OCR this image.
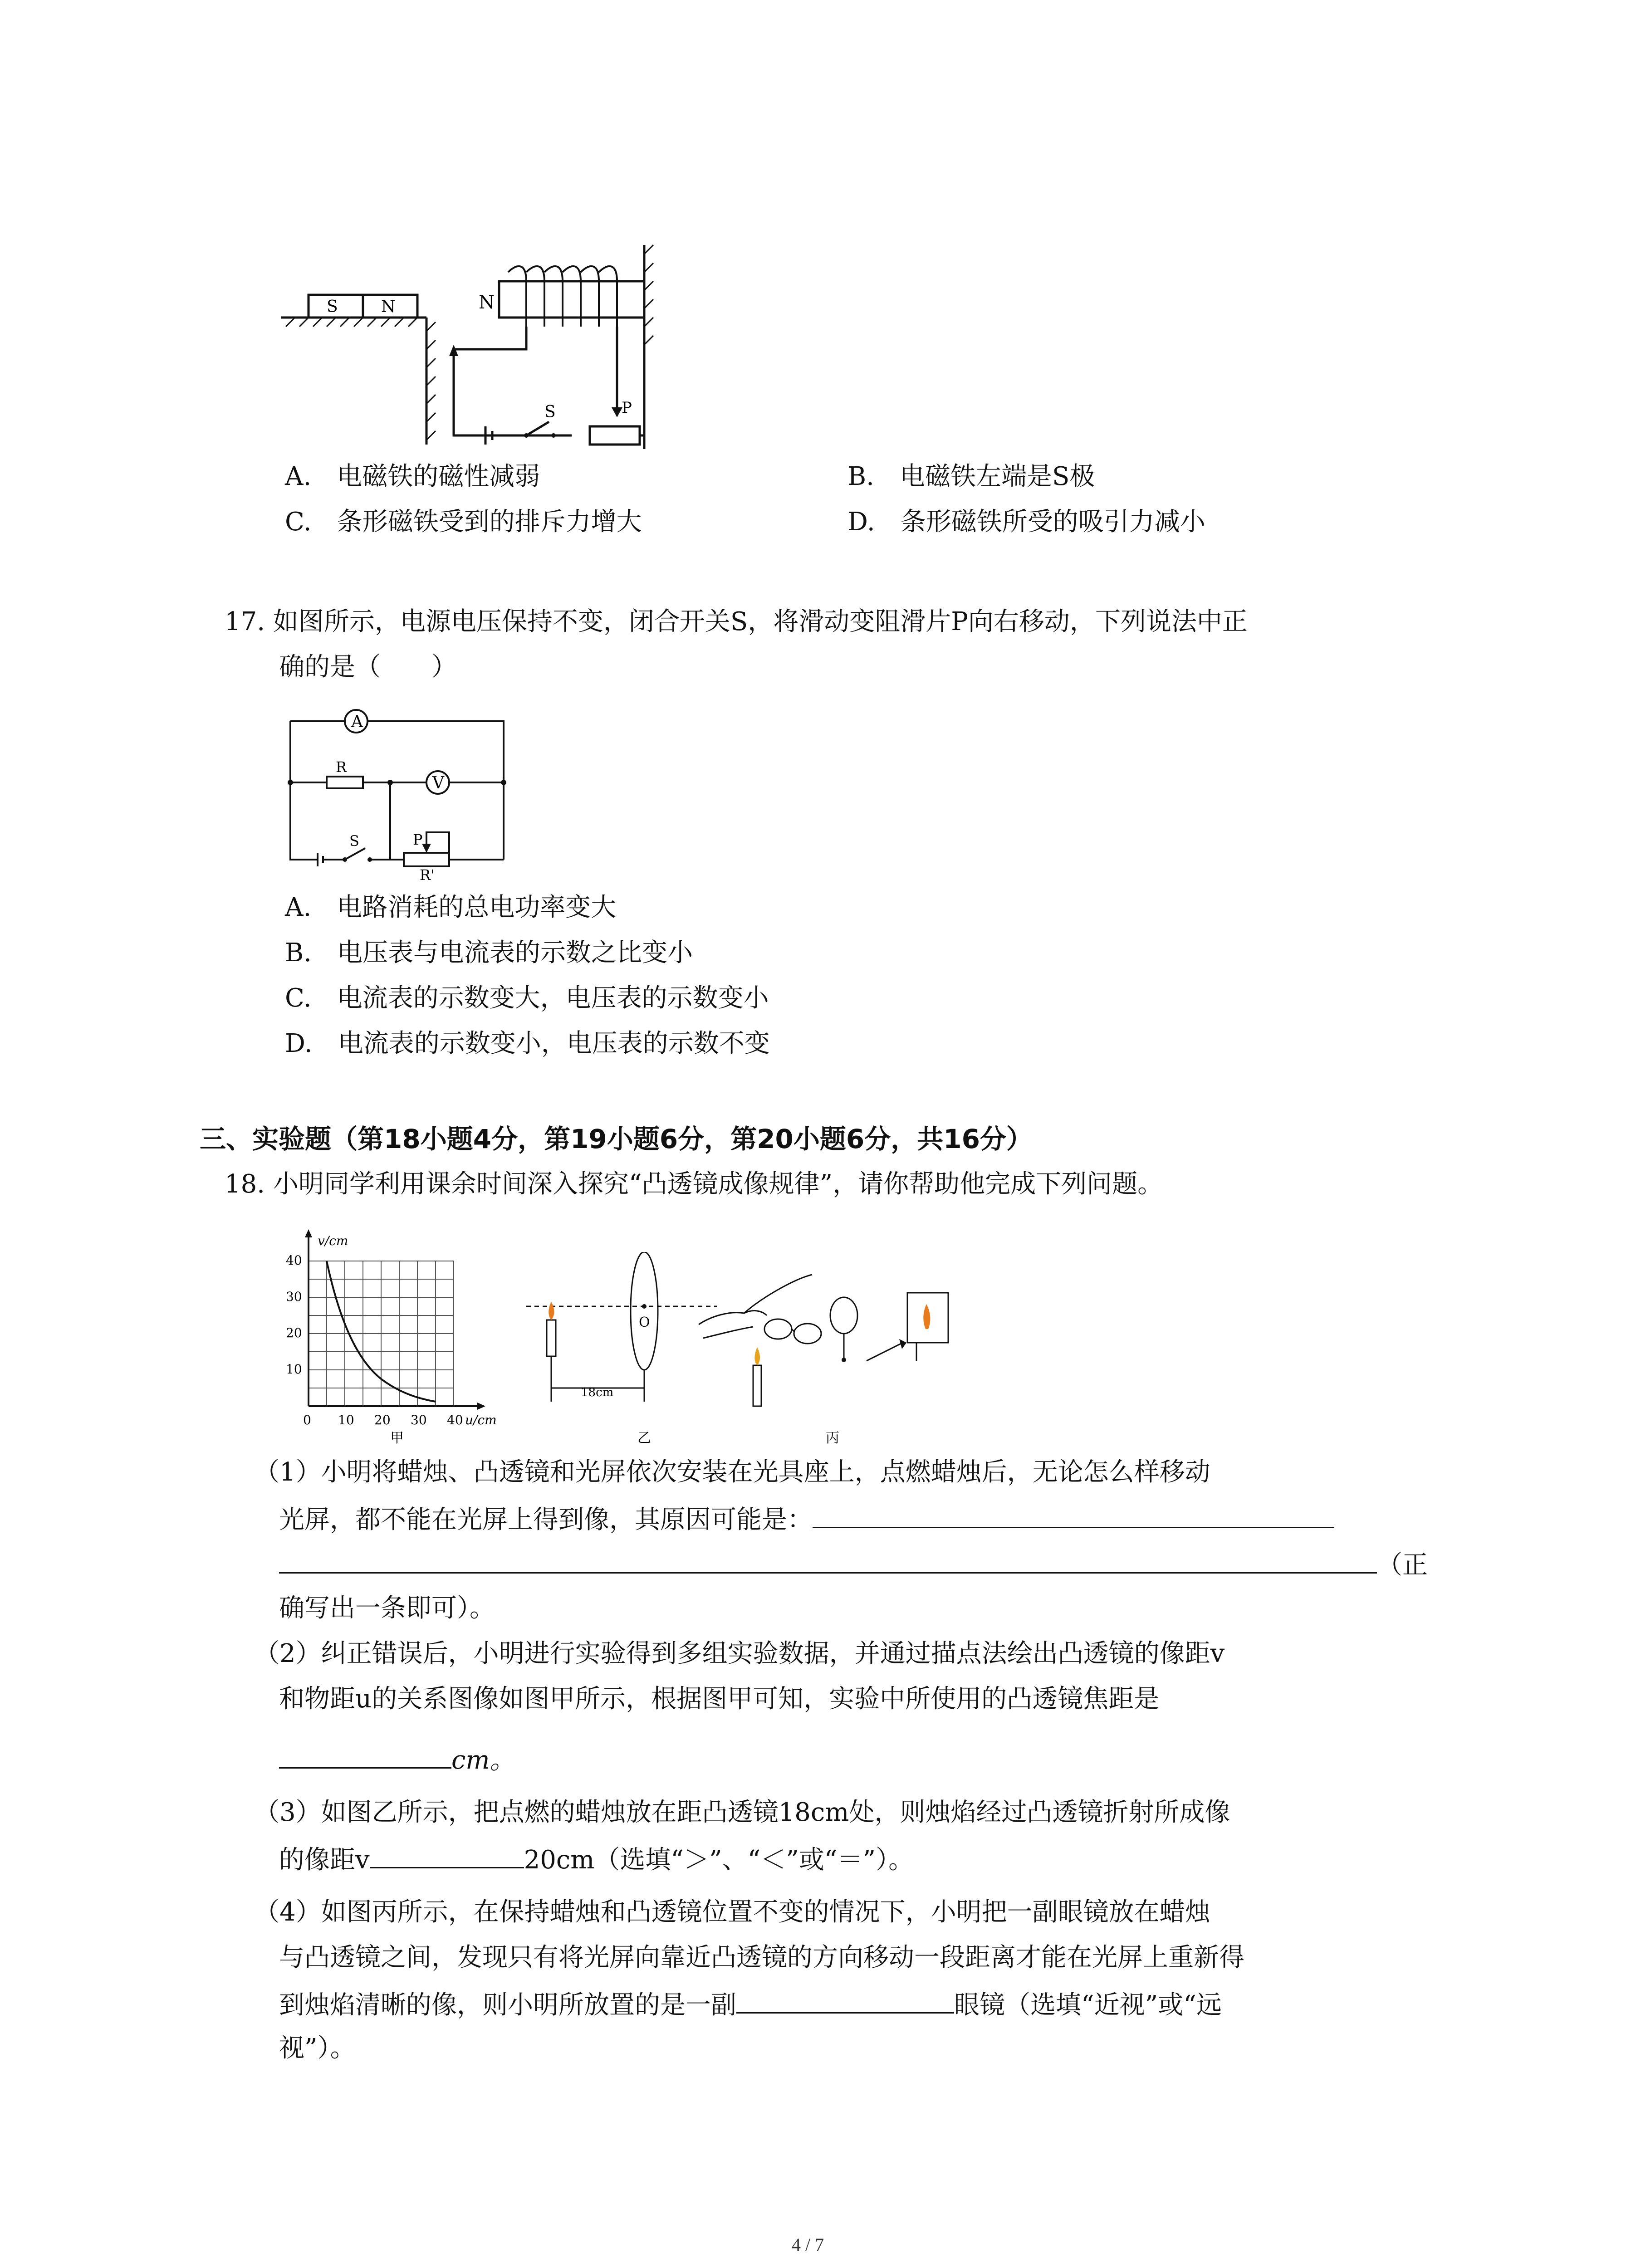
S	N	N
S	P
A.　 电磁铁的磁性减弱	B.　 电磁铁左端是S极
C.　 条形磁铁受到的排斥力增大	D.　 条形磁铁所受的吸引力减小
17. 如图所示，电源电压保持不变，闭合开关S，将滑动变阻滑片P向右移动，下列说法中正
确的是（　　）
A
V
R
S	P
R'
A.　 电路消耗的总电功率变大
B.　 电压表与电流表的示数之比变小
C.　 电流表的示数变大，电压表的示数变小
D.　 电流表的示数变小，电压表的示数不变
三、实验题（第18小题4分，第19小题6分，第20小题6分，共16分）
18. 小明同学利用课余时间深入探究“凸透镜成像规律”，请你帮助他完成下列问题。
v/cm
40
30
20
10
0 10 20 30 40 u/cm
甲
O
18cm
乙	丙
（1）小明将蜡烛、凸透镜和光屏依次安装在光具座上，点燃蜡烛后，无论怎么样移动
光屏，都不能在光屏上得到像，其原因可能是：
（正
确写出一条即可）。
（2）纠正错误后，小明进行实验得到多组实验数据，并通过描点法绘出凸透镜的像距v
和物距u的关系图像如图甲所示，根据图甲可知，实验中所使用的凸透镜焦距是
cm。
（3）如图乙所示，把点燃的蜡烛放在距凸透镜18cm处，则烛焰经过凸透镜折射所成像
的像距v	20cm（选填“＞”、“＜”或“＝”）。
（4）如图丙所示，在保持蜡烛和凸透镜位置不变的情况下，小明把一副眼镜放在蜡烛
与凸透镜之间，发现只有将光屏向靠近凸透镜的方向移动一段距离才能在光屏上重新得
到烛焰清晰的像，则小明所放置的是一副	眼镜（选填“近视”或“远
视”）。
4 / 7
